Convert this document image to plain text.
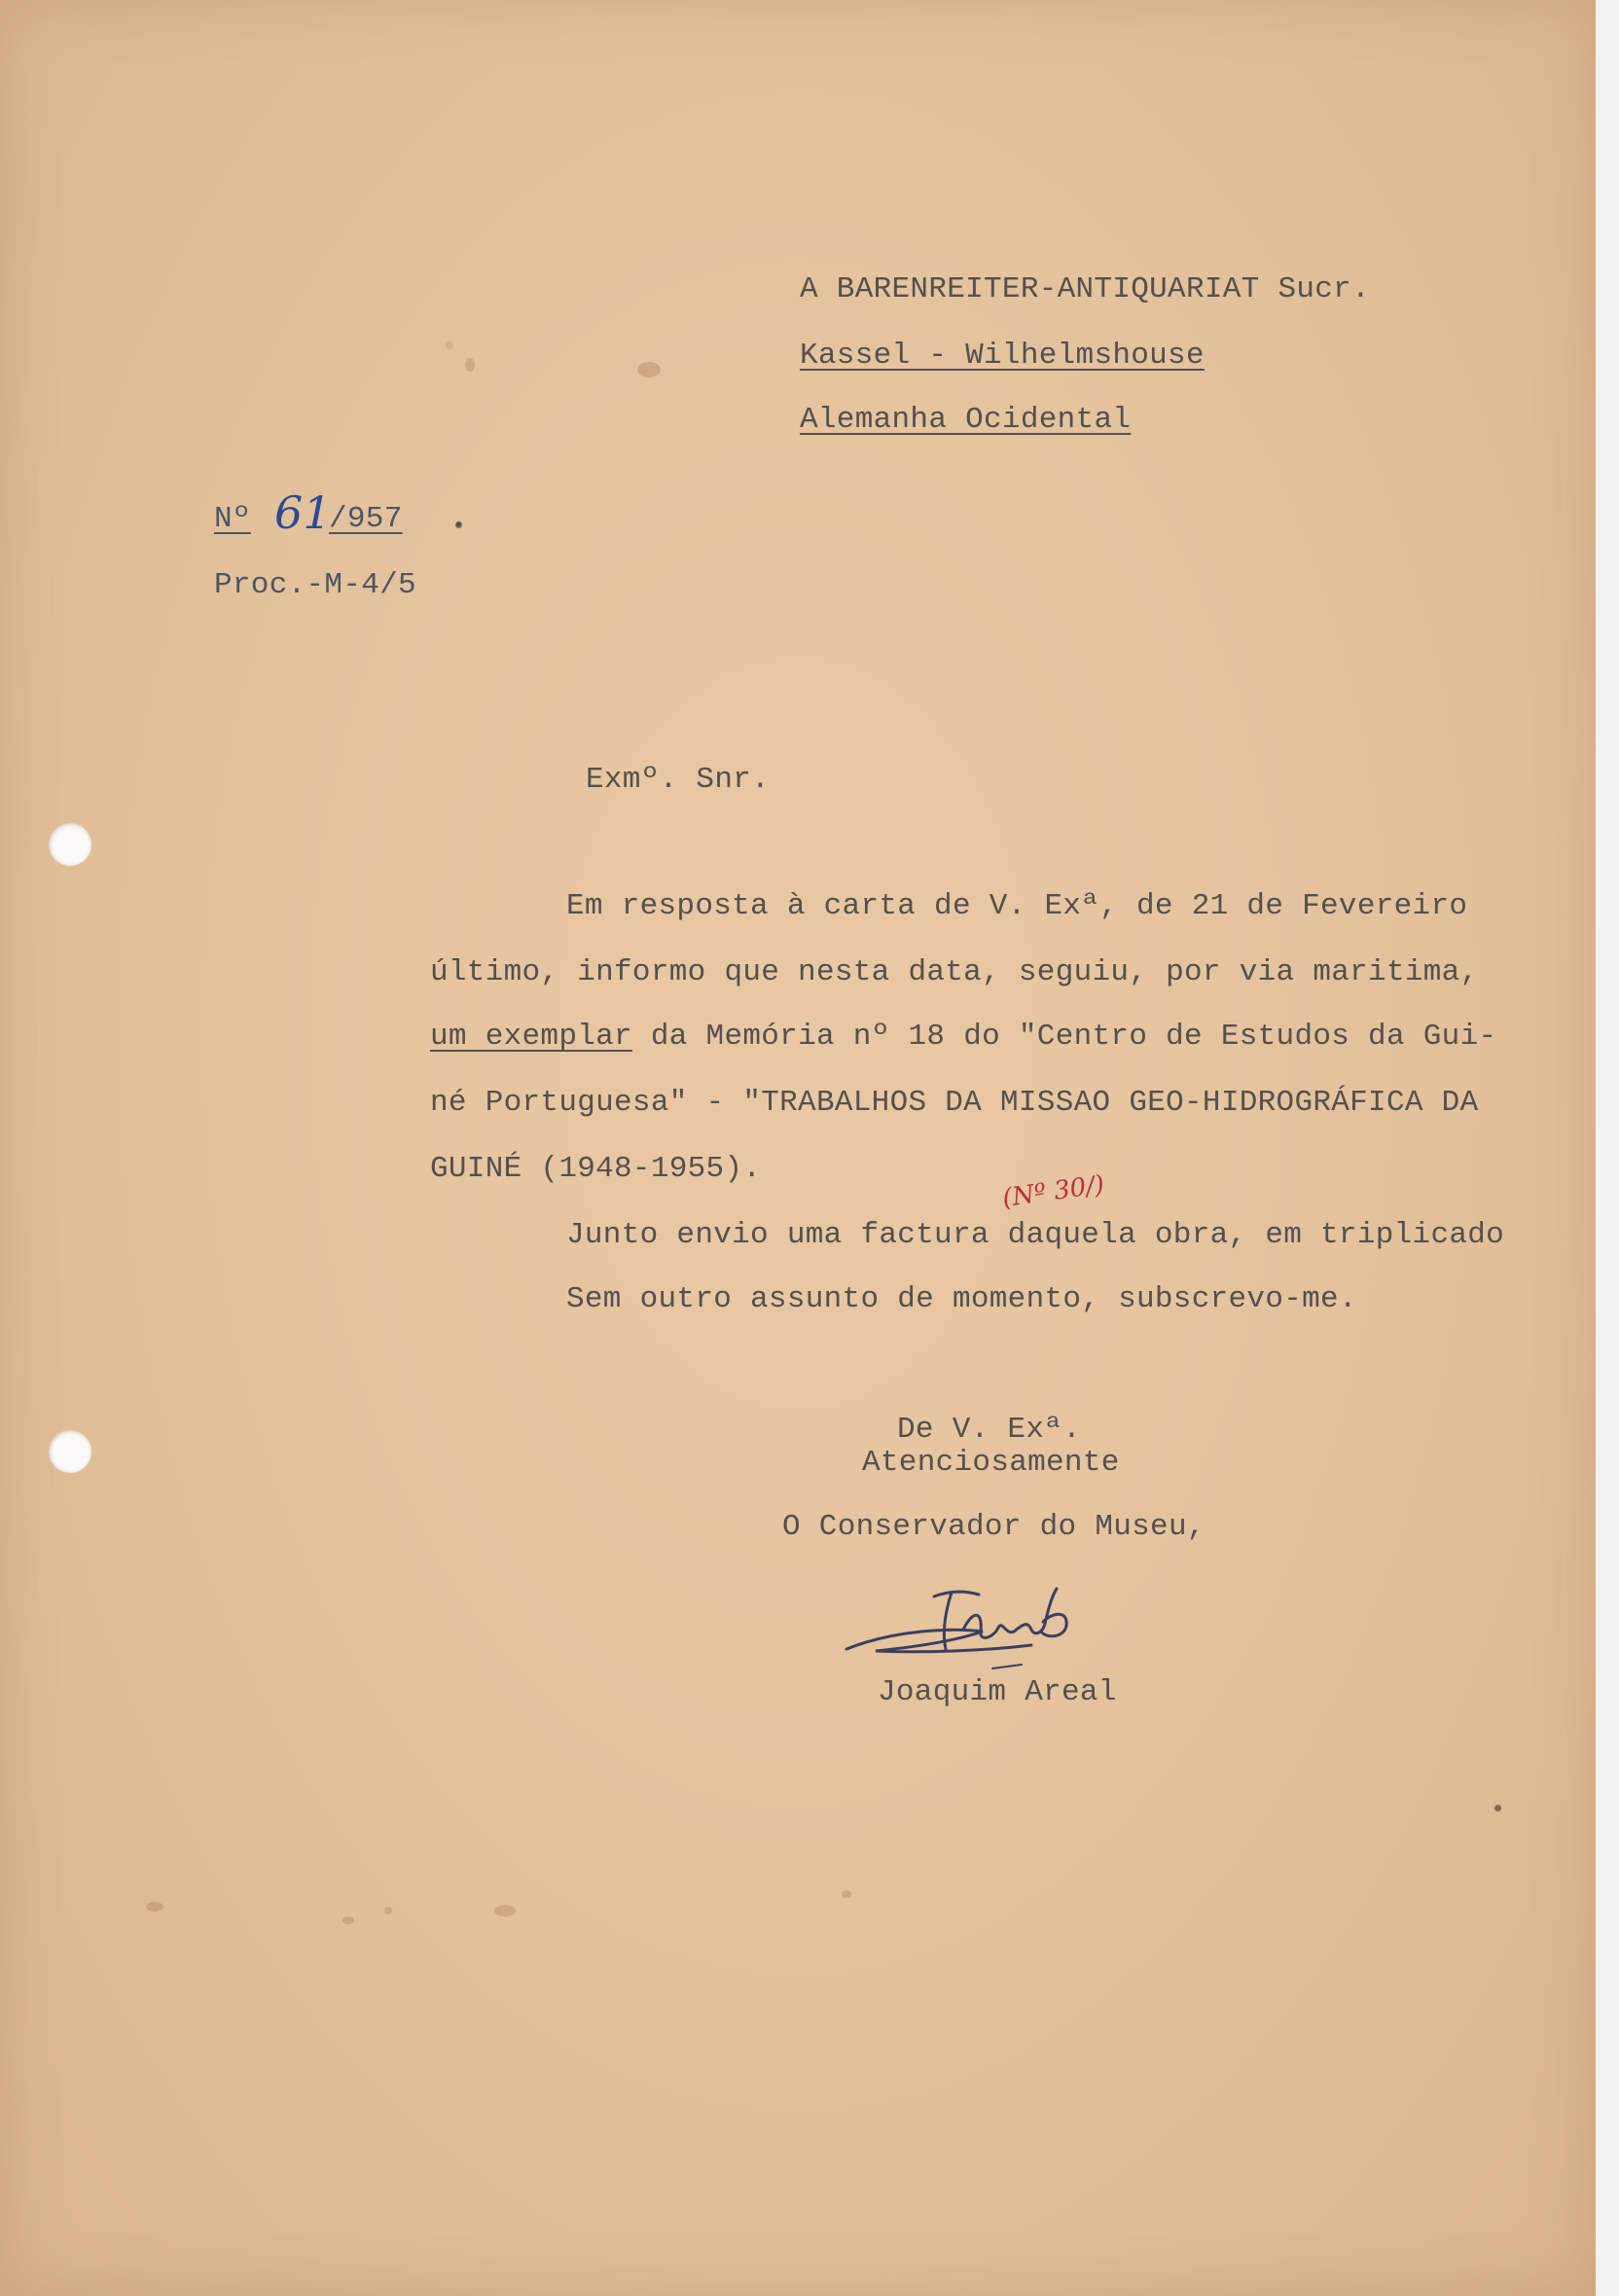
A BARENREITER-ANTIQUARIAT Sucr.

Kassel - Wilhelmshouse

Alemanha Ocidental

Nº 61

/957 .

Proc.-M-4/5

Exmº. Snr.

Em resposta à carta de V. Exª, de 21 de Fevereiro

último, informo que nesta data, seguiu, por via maritima,

um exemplar da Memória nº 18 do "Centro de Estudos da Gui-

né Portuguesa" - "TRABALHOS DA MISSAO GEO-HIDROGRÁFICA DA

GUINÉ (1948-1955).

(Nº 30/)

Junto envio uma factura daquela obra, em triplicado

Sem outro assunto de momento, subscrevo-me.

De V. Exª.

Atenciosamente

O Conservador do Museu,

Joaquim Areal
